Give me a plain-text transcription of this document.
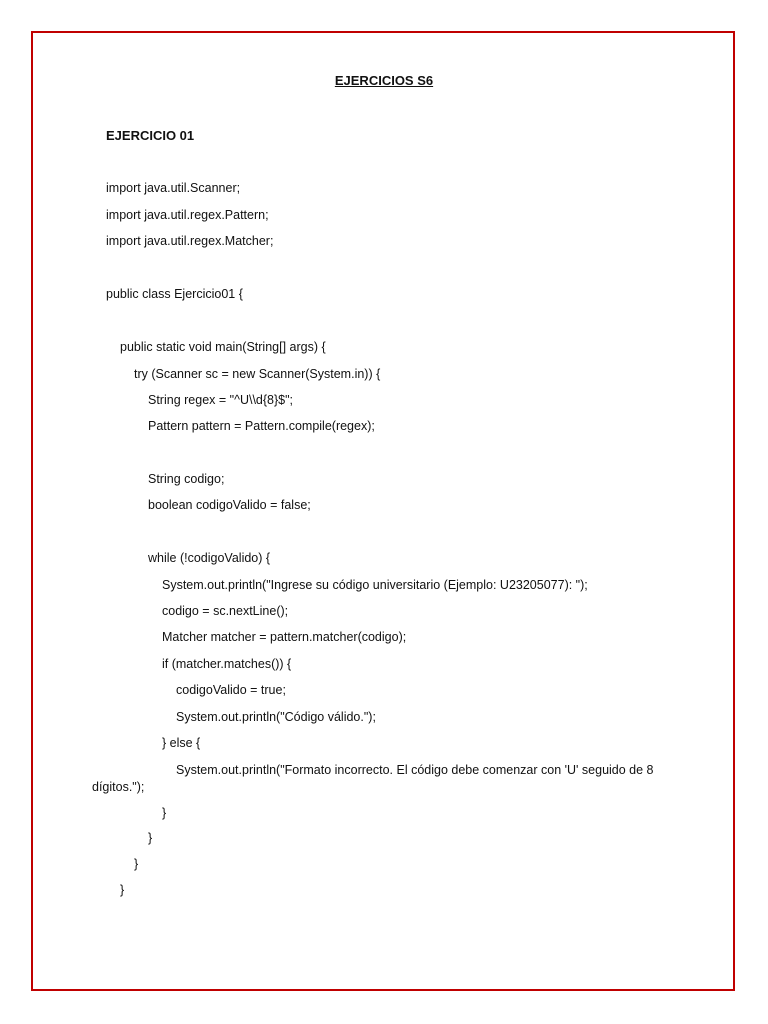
EJERCICIOS S6
EJERCICIO 01

import java.util.Scanner;

import java.util.regex.Pattern;

import java.util.regex.Matcher;

public class Ejercicio01 {

public static void main(String[] args) {

try (Scanner sc = new Scanner(System.in)) {

String regex = "^U\\d{8}$";

Pattern pattern = Pattern.compile(regex);

String codigo;

boolean codigoValido = false;

while (!codigoValido) {

System.out.println("Ingrese su código universitario (Ejemplo: U23205077): ");

codigo = sc.nextLine();

Matcher matcher = pattern.matcher(codigo);

if (matcher.matches()) {

codigoValido = true;

System.out.println("Código válido.");

} else {

System.out.println("Formato incorrecto. El código debe comenzar con 'U' seguido de 8

dígitos.");

}

}

}

}
